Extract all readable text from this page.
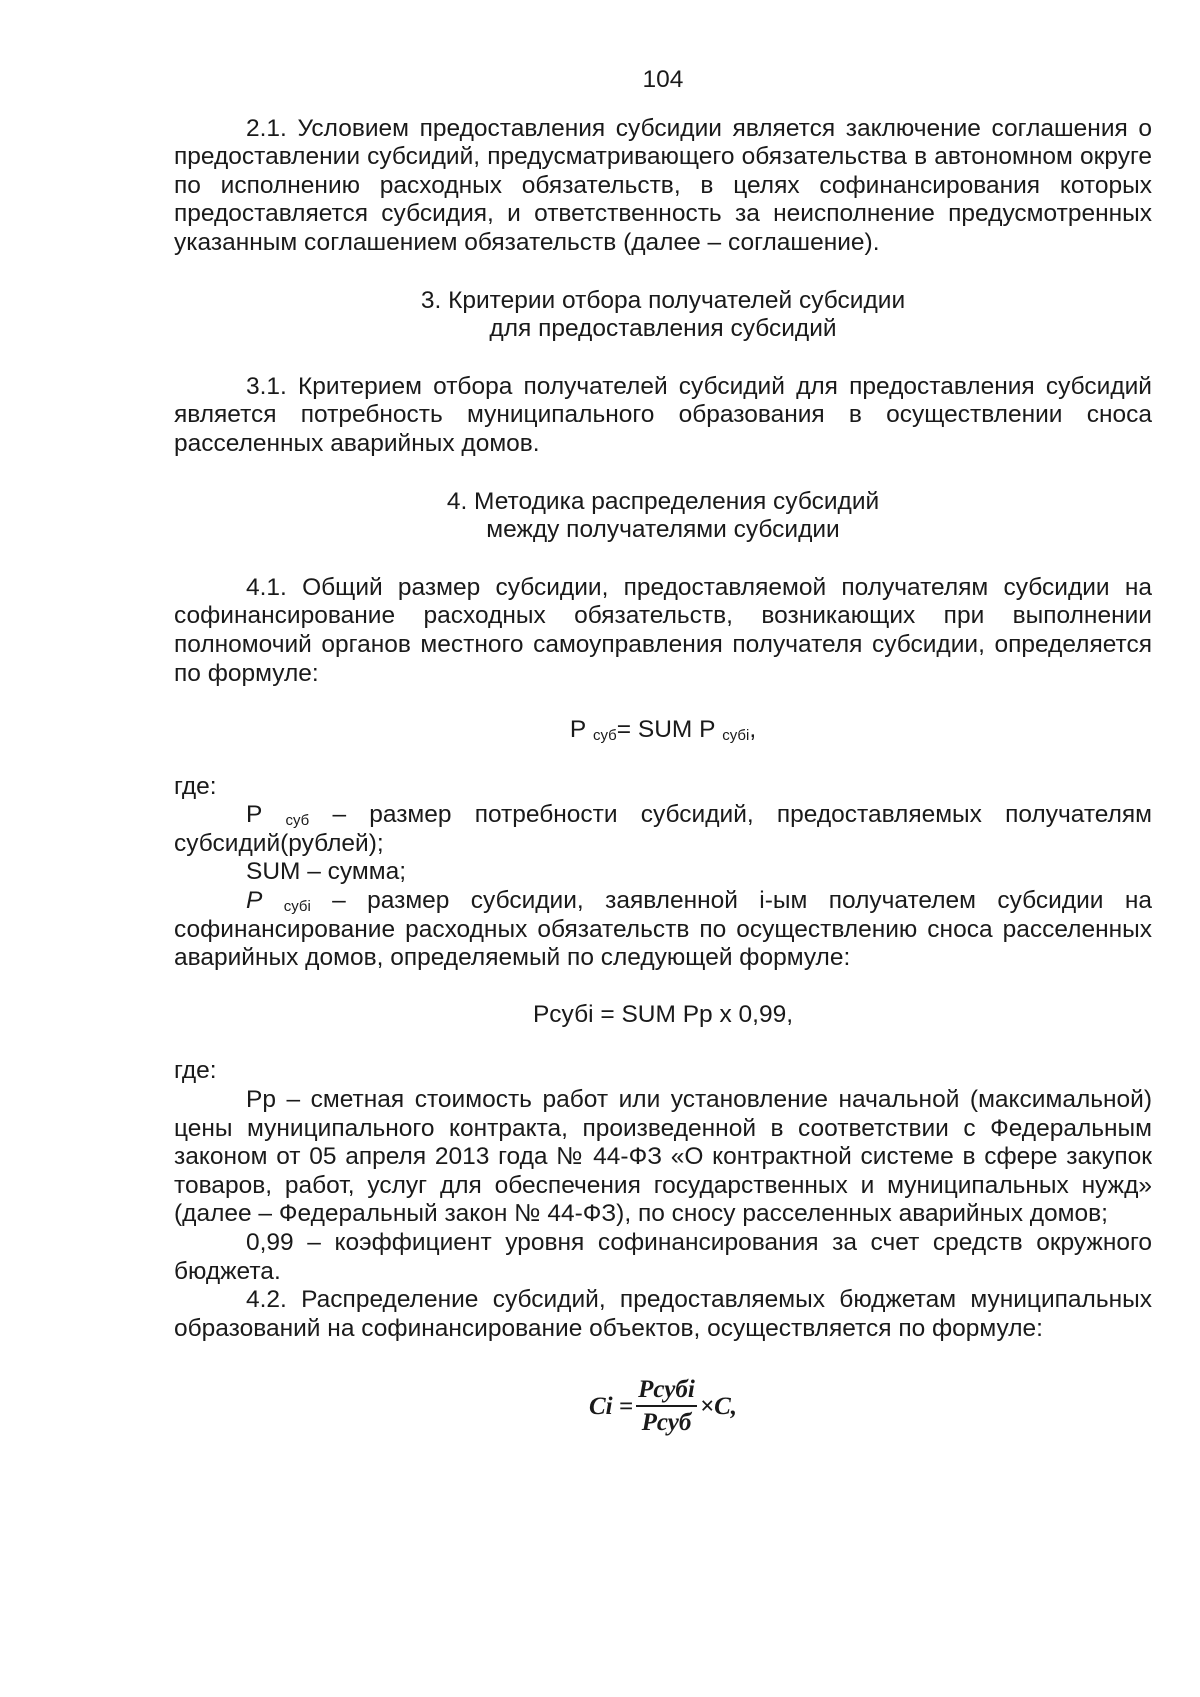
104

2.1. Условием предоставления субсидии является заключение соглашения о предоставлении субсидий, предусматривающего обязательства в автономном округе по исполнению расходных обязательств, в целях софинансирования которых предоставляется субсидия, и ответственность за неисполнение предусмотренных указанным соглашением обязательств (далее – соглашение).

3. Критерии отбора получателей субсидии
для предоставления субсидий

3.1. Критерием отбора получателей субсидий для предоставления субсидий является потребность муниципального образования в осуществлении сноса расселенных аварийных домов.

4. Методика распределения субсидий
между получателями субсидии

4.1. Общий размер субсидии, предоставляемой получателям субсидии на софинансирование расходных обязательств, возникающих при выполнении полномочий органов местного самоуправления получателя субсидии, определяется по формуле:

Р $_{суб}$= SUM Р $_{субi}$,

где:

Р $_{суб}$ – размер потребности субсидий, предоставляемых получателям субсидий(рублей);

SUM – сумма;

Р $_{субi}$ – размер субсидии, заявленной i-ым получателем субсидии на софинансирование расходных обязательств по осуществлению сноса расселенных аварийных домов, определяемый по следующей формуле:

Рсубi = SUM Рр x 0,99,

где:

Рр – сметная стоимость работ или установление начальной (максимальной) цены муниципального контракта, произведенной в соответствии с Федеральным законом от 05 апреля 2013 года № 44-ФЗ «О контрактной системе в сфере закупок товаров, работ, услуг для обеспечения государственных и муниципальных нужд» (далее – Федеральный закон № 44-ФЗ), по сносу расселенных аварийных домов;

0,99 – коэффициент уровня софинансирования за счет средств окружного бюджета.

4.2. Распределение субсидий, предоставляемых бюджетам муниципальных образований на софинансирование объектов, осуществляется по формуле:

$Ci = \frac{\text{Рсубi}}{\text{Рсуб}} \times C$,
